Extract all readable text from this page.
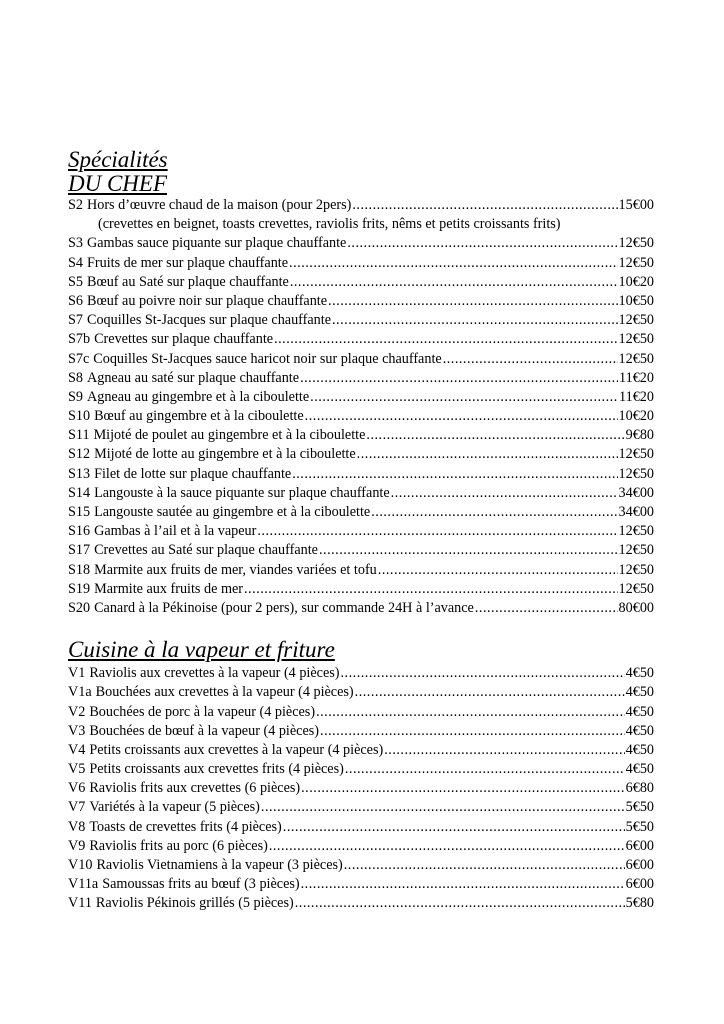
Spécialités
DU CHEF
S2 Hors d’œuvre chaud de la maison (pour 2pers) .....	15€00
(crevettes en beignet, toasts crevettes, raviolis frits, nêms et petits croissants frits)
S3 Gambas sauce piquante sur plaque chauffante .....	12€50
S4 Fruits de mer sur plaque chauffante .....	12€50
S5 Bœuf au Saté sur plaque chauffante .....	10€20
S6 Bœuf au poivre noir sur plaque chauffante .....	10€50
S7 Coquilles St-Jacques sur plaque chauffante .....	12€50
S7b Crevettes sur plaque chauffante .....	12€50
S7c Coquilles St-Jacques sauce haricot noir sur plaque chauffante .....	12€50
S8 Agneau au saté sur plaque chauffante .....	11€20
S9 Agneau au gingembre et à la ciboulette .....	11€20
S10 Bœuf au gingembre et à la ciboulette .....	10€20
S11 Mijoté de poulet au gingembre et à la ciboulette .....	9€80
S12 Mijoté de lotte au gingembre et à la ciboulette .....	12€50
S13 Filet de lotte sur plaque chauffante .....	12€50
S14 Langouste à la sauce piquante sur plaque chauffante .....	34€00
S15 Langouste sautée au gingembre et à la ciboulette .....	34€00
S16 Gambas à l’ail et à la vapeur .....	12€50
S17 Crevettes au Saté sur plaque chauffante .....	12€50
S18 Marmite aux fruits de mer, viandes variées et tofu .....	12€50
S19 Marmite aux fruits de mer .....	12€50
S20 Canard à la Pékinoise (pour 2 pers), sur commande 24H à l’avance .....	80€00
Cuisine à la vapeur et friture
V1 Raviolis aux crevettes à la vapeur (4 pièces) .....	4€50
V1a Bouchées aux crevettes à la vapeur (4 pièces) .....	4€50
V2 Bouchées de porc à la vapeur (4 pièces) .....	4€50
V3 Bouchées de bœuf à la vapeur (4 pièces) .....	4€50
V4 Petits croissants aux crevettes à la vapeur (4 pièces) .....	4€50
V5 Petits croissants aux crevettes frits (4 pièces) .....	4€50
V6 Raviolis frits aux crevettes (6 pièces) .....	6€80
V7 Variétés à la vapeur (5 pièces) .....	5€50
V8 Toasts de crevettes frits (4 pièces) .....	5€50
V9 Raviolis frits au porc (6 pièces) .....	6€00
V10 Raviolis Vietnamiens à la vapeur (3 pièces) .....	6€00
V11a Samoussas frits au bœuf (3 pièces) .....	6€00
V11 Raviolis Pékinois grillés (5 pièces) .....	5€80
